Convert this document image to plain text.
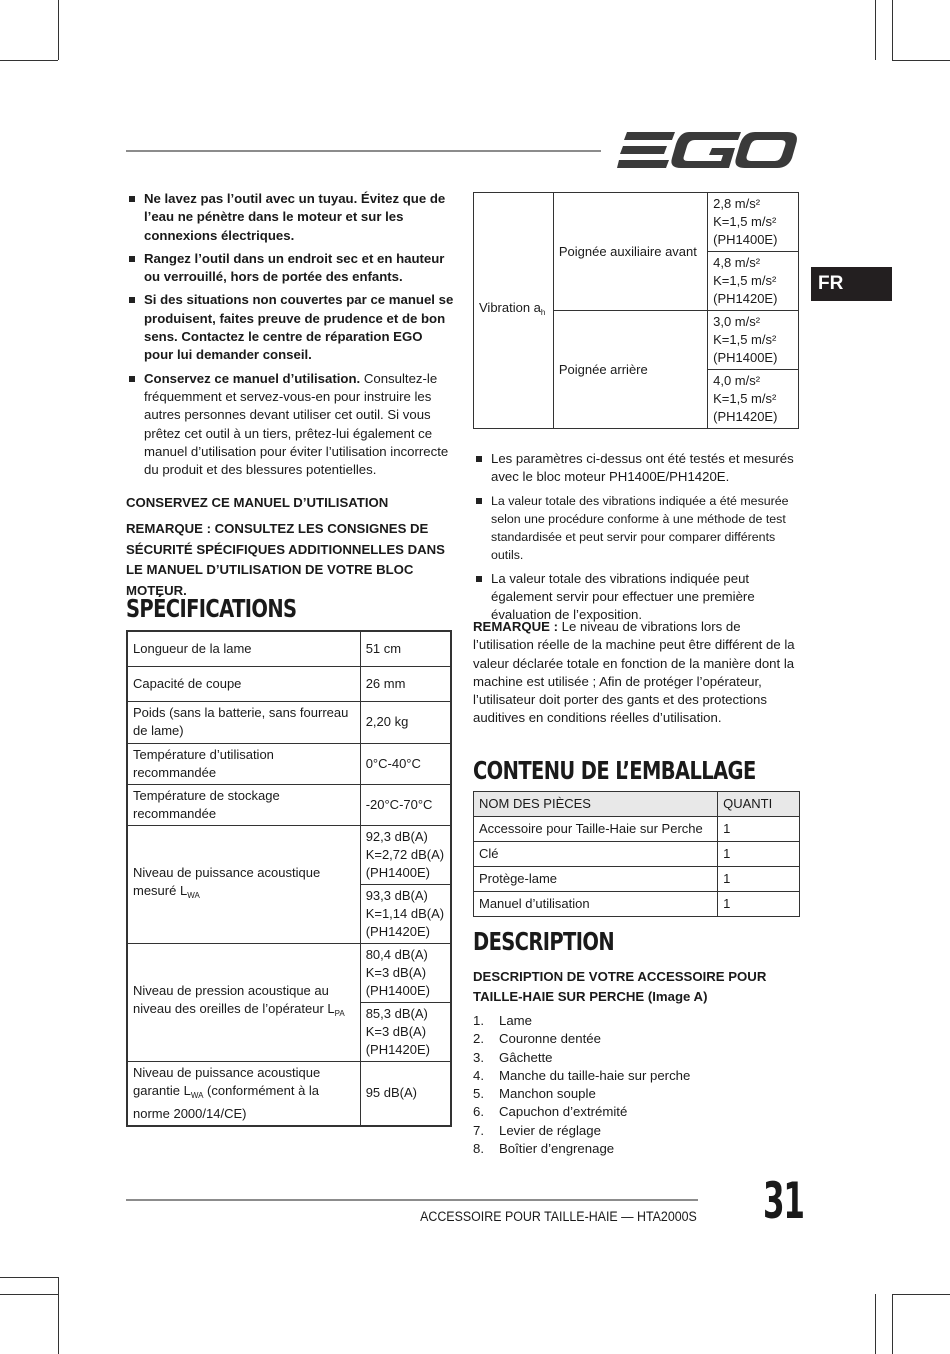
FR
Ne lavez pas l’outil avec un tuyau. Évitez que de l’eau ne pénètre dans le moteur et sur les connexions électriques.
Rangez l’outil dans un endroit sec et en hauteur ou verrouillé, hors de portée des enfants.
Si des situations non couvertes par ce manuel se produisent, faites preuve de prudence et de bon sens. Contactez le centre de réparation EGO pour lui demander conseil.
Conservez ce manuel d’utilisation. Consultez-le fréquemment et servez-vous-en pour instruire les autres personnes devant utiliser cet outil. Si vous prêtez cet outil à un tiers, prêtez-lui également ce manuel d’utilisation pour éviter l’utilisation incorrecte du produit et des blessures potentielles.
CONSERVEZ CE MANUEL D’UTILISATION
REMARQUE : CONSULTEZ LES CONSIGNES DE SÉCURITÉ SPÉCIFIQUES ADDITIONNELLES DANS LE MANUEL D’UTILISATION DE VOTRE BLOC MOTEUR.
SPÉCIFICATIONS
Longueur de la lame	51 cm
Capacité de coupe	26 mm
Poids (sans la batterie, sans fourreau de lame)	2,20 kg
Température d’utilisation recommandée	0°C-40°C
Température de stockage recommandée	-20°C-70°C
Niveau de puissance acoustique mesuré $L_{WA}$	92,3 dB(A)
K=2,72 dB(A)
(PH1400E)
	93,3 dB(A)
K=1,14 dB(A)
(PH1420E)
Niveau de pression acoustique au niveau des oreilles de l’opérateur $L_{PA}$	80,4 dB(A)
K=3 dB(A)
(PH1400E)
	85,3 dB(A)
K=3 dB(A)
(PH1420E)
Niveau de puissance acoustique garantie $L_{WA}$ (conformément à la norme 2000/14/CE)	95 dB(A)
Vibration $a_h$	Poignée auxiliaire avant	2,8 m/s²
K=1,5 m/s²
(PH1400E)
		4,8 m/s²
K=1,5 m/s²
(PH1420E)
	Poignée arrière	3,0 m/s²
K=1,5 m/s²
(PH1400E)
		4,0 m/s²
K=1,5 m/s²
(PH1420E)
Les paramètres ci-dessus ont été testés et mesurés avec le bloc moteur PH1400E/PH1420E.
La valeur totale des vibrations indiquée a été mesurée selon une procédure conforme à une méthode de test standardisée et peut servir pour comparer différents outils.
La valeur totale des vibrations indiquée peut également servir pour effectuer une première évaluation de l’exposition.
REMARQUE : Le niveau de vibrations lors de l’utilisation réelle de la machine peut être différent de la valeur déclarée totale en fonction de la manière dont la machine est utilisée ; Afin de protéger l’opérateur, l’utilisateur doit porter des gants et des protections auditives en conditions réelles d’utilisation.
CONTENU DE L’EMBALLAGE
NOM DES PIÈCES	QUANTI
Accessoire pour Taille-Haie sur Perche	1
Clé	1
Protège-lame	1
Manuel d’utilisation	1
DESCRIPTION
DESCRIPTION DE VOTRE ACCESSOIRE POUR TAILLE-HAIE SUR PERCHE (Image A)
1.	Lame
2.	Couronne dentée
3.	Gâchette
4.	Manche du taille-haie sur perche
5.	Manchon souple
6.	Capuchon d’extrémité
7.	Levier de réglage
8.	Boîtier d’engrenage
ACCESSOIRE POUR TAILLE-HAIE — HTA2000S 31
